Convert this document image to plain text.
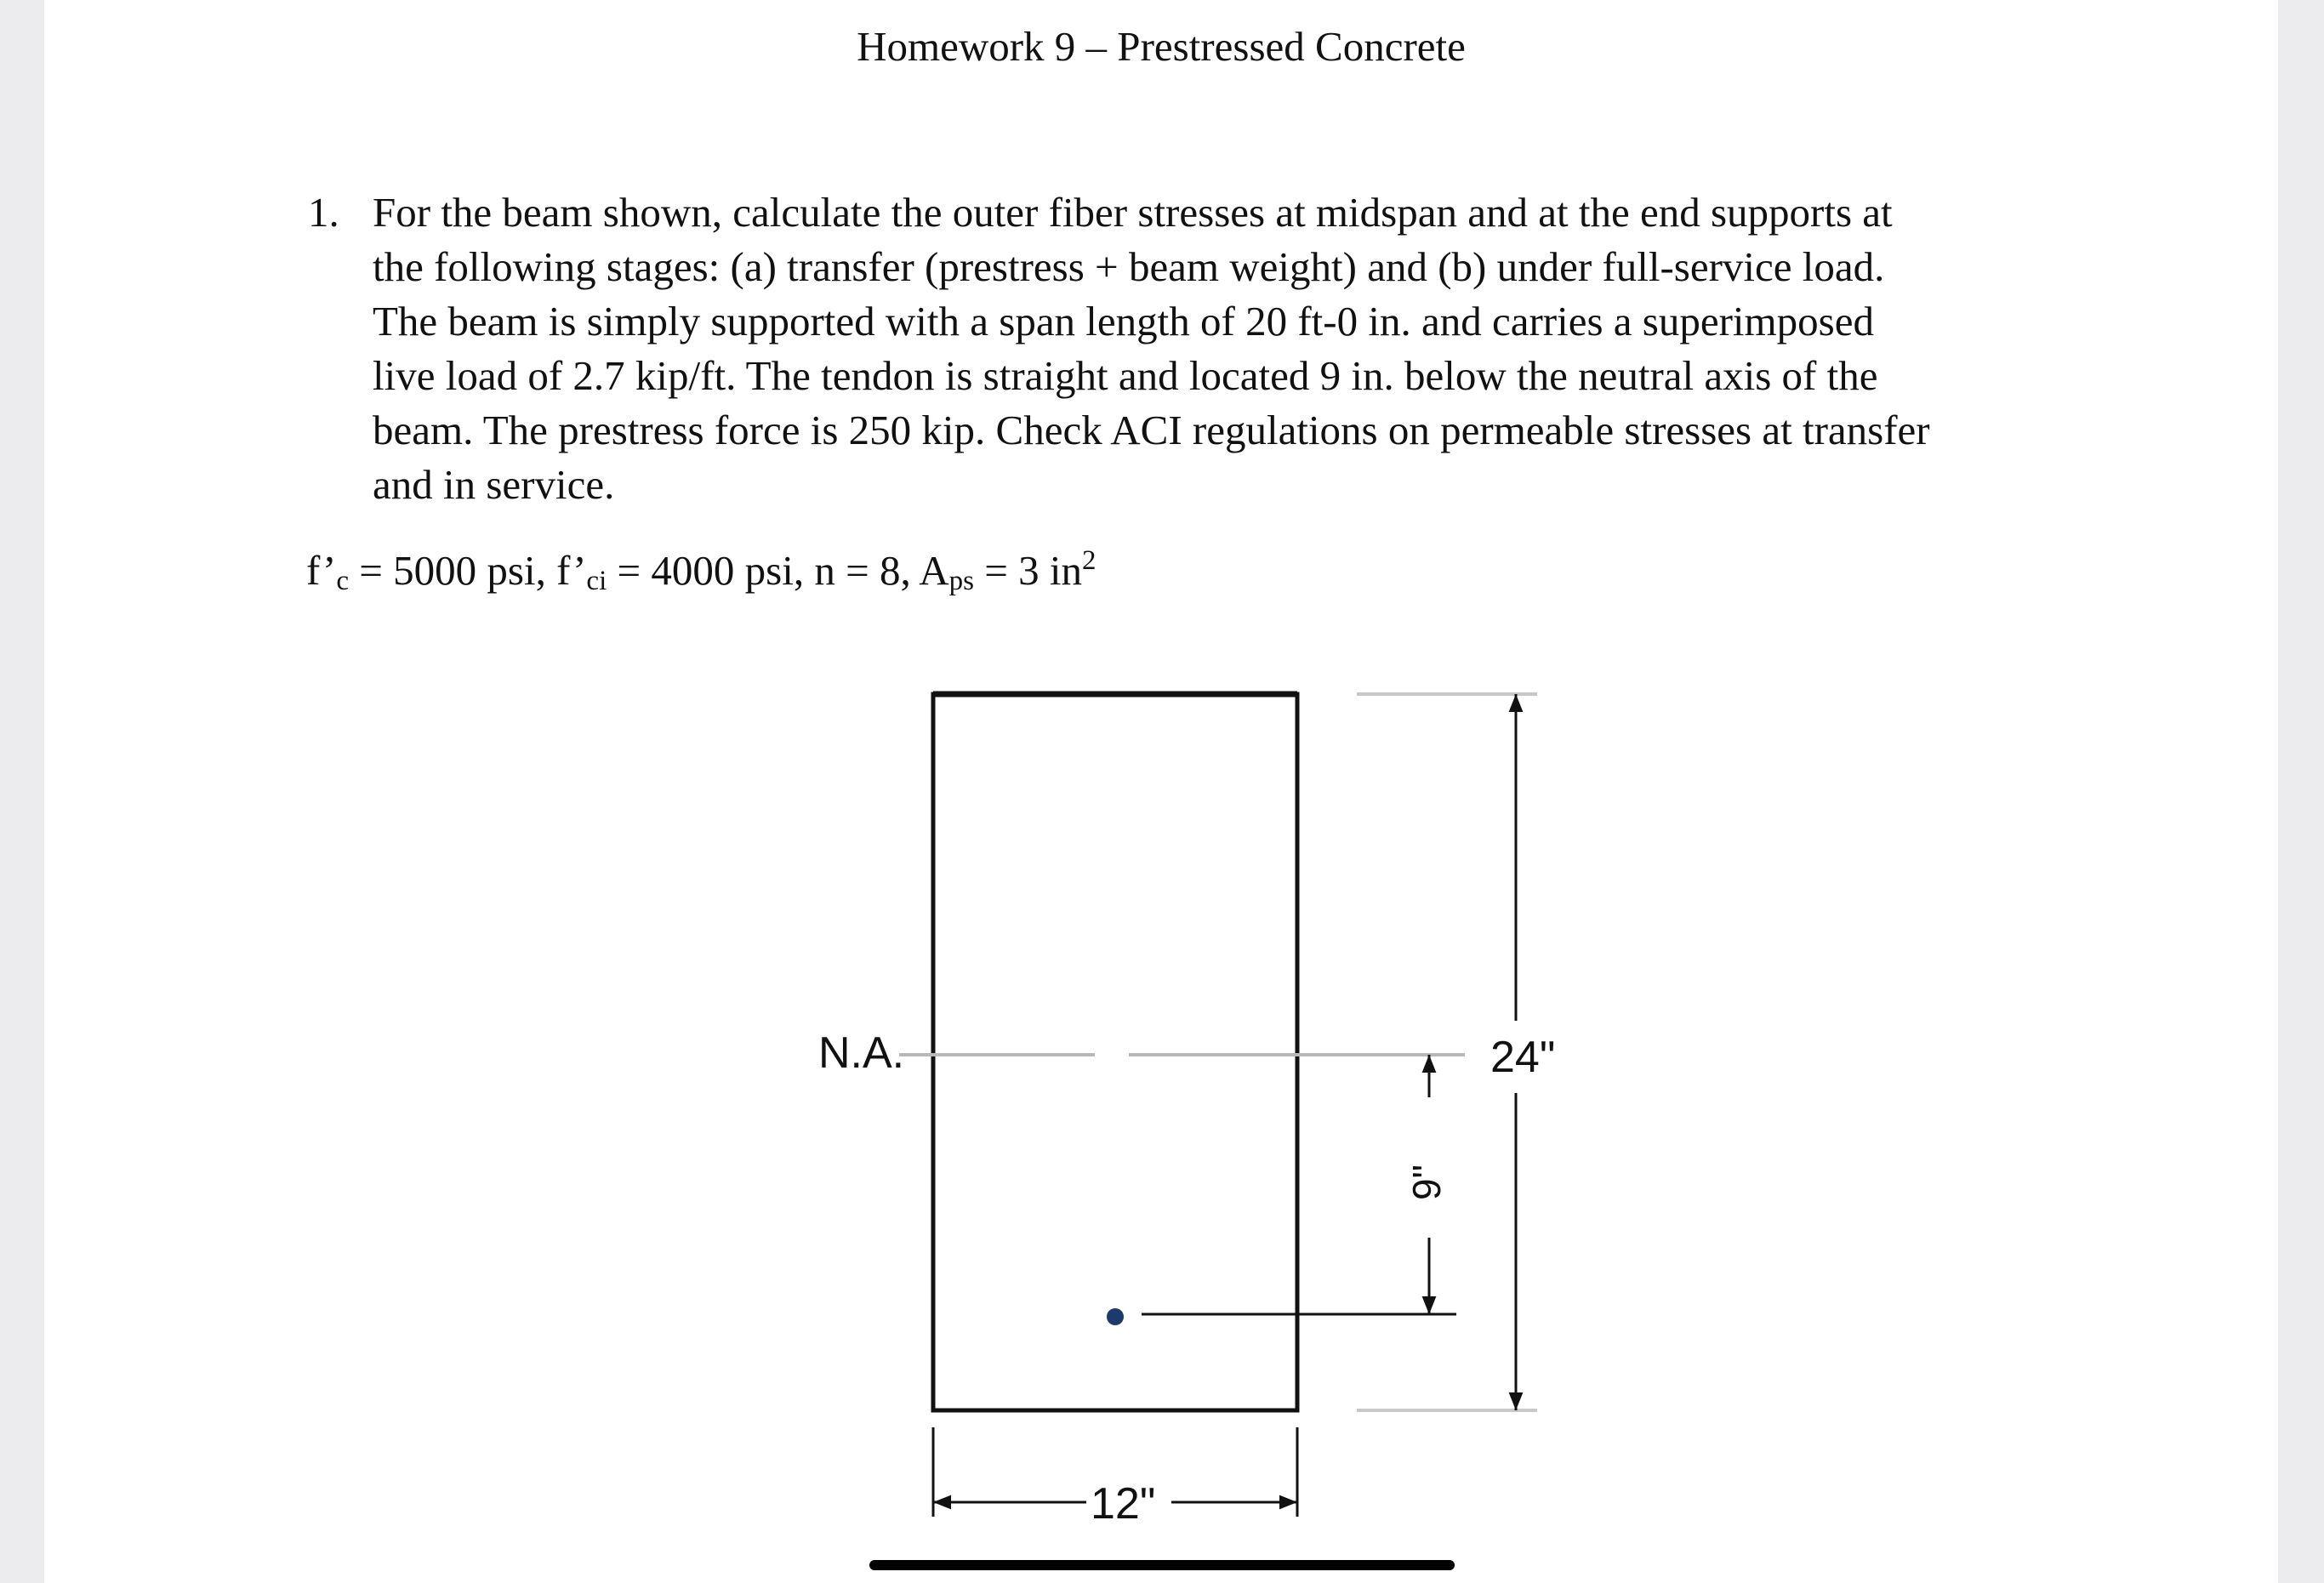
Homework 9 – Prestressed Concrete
1. For the beam shown, calculate the outer fiber stresses at midspan and at the end supports at
the following stages: (a) transfer (prestress + beam weight) and (b) under full-service load.
The beam is simply supported with a span length of 20 ft-0 in. and carries a superimposed
live load of 2.7 kip/ft. The tendon is straight and located 9 in. below the neutral axis of the
beam. The prestress force is 250 kip. Check ACI regulations on permeable stresses at transfer
and in service.
$f’_c = 5000$ psi, $f’_{ci} = 4000$ psi, n = 8, $A_{ps} = 3$ $in^2$
N.A.
9"
24"
12"
